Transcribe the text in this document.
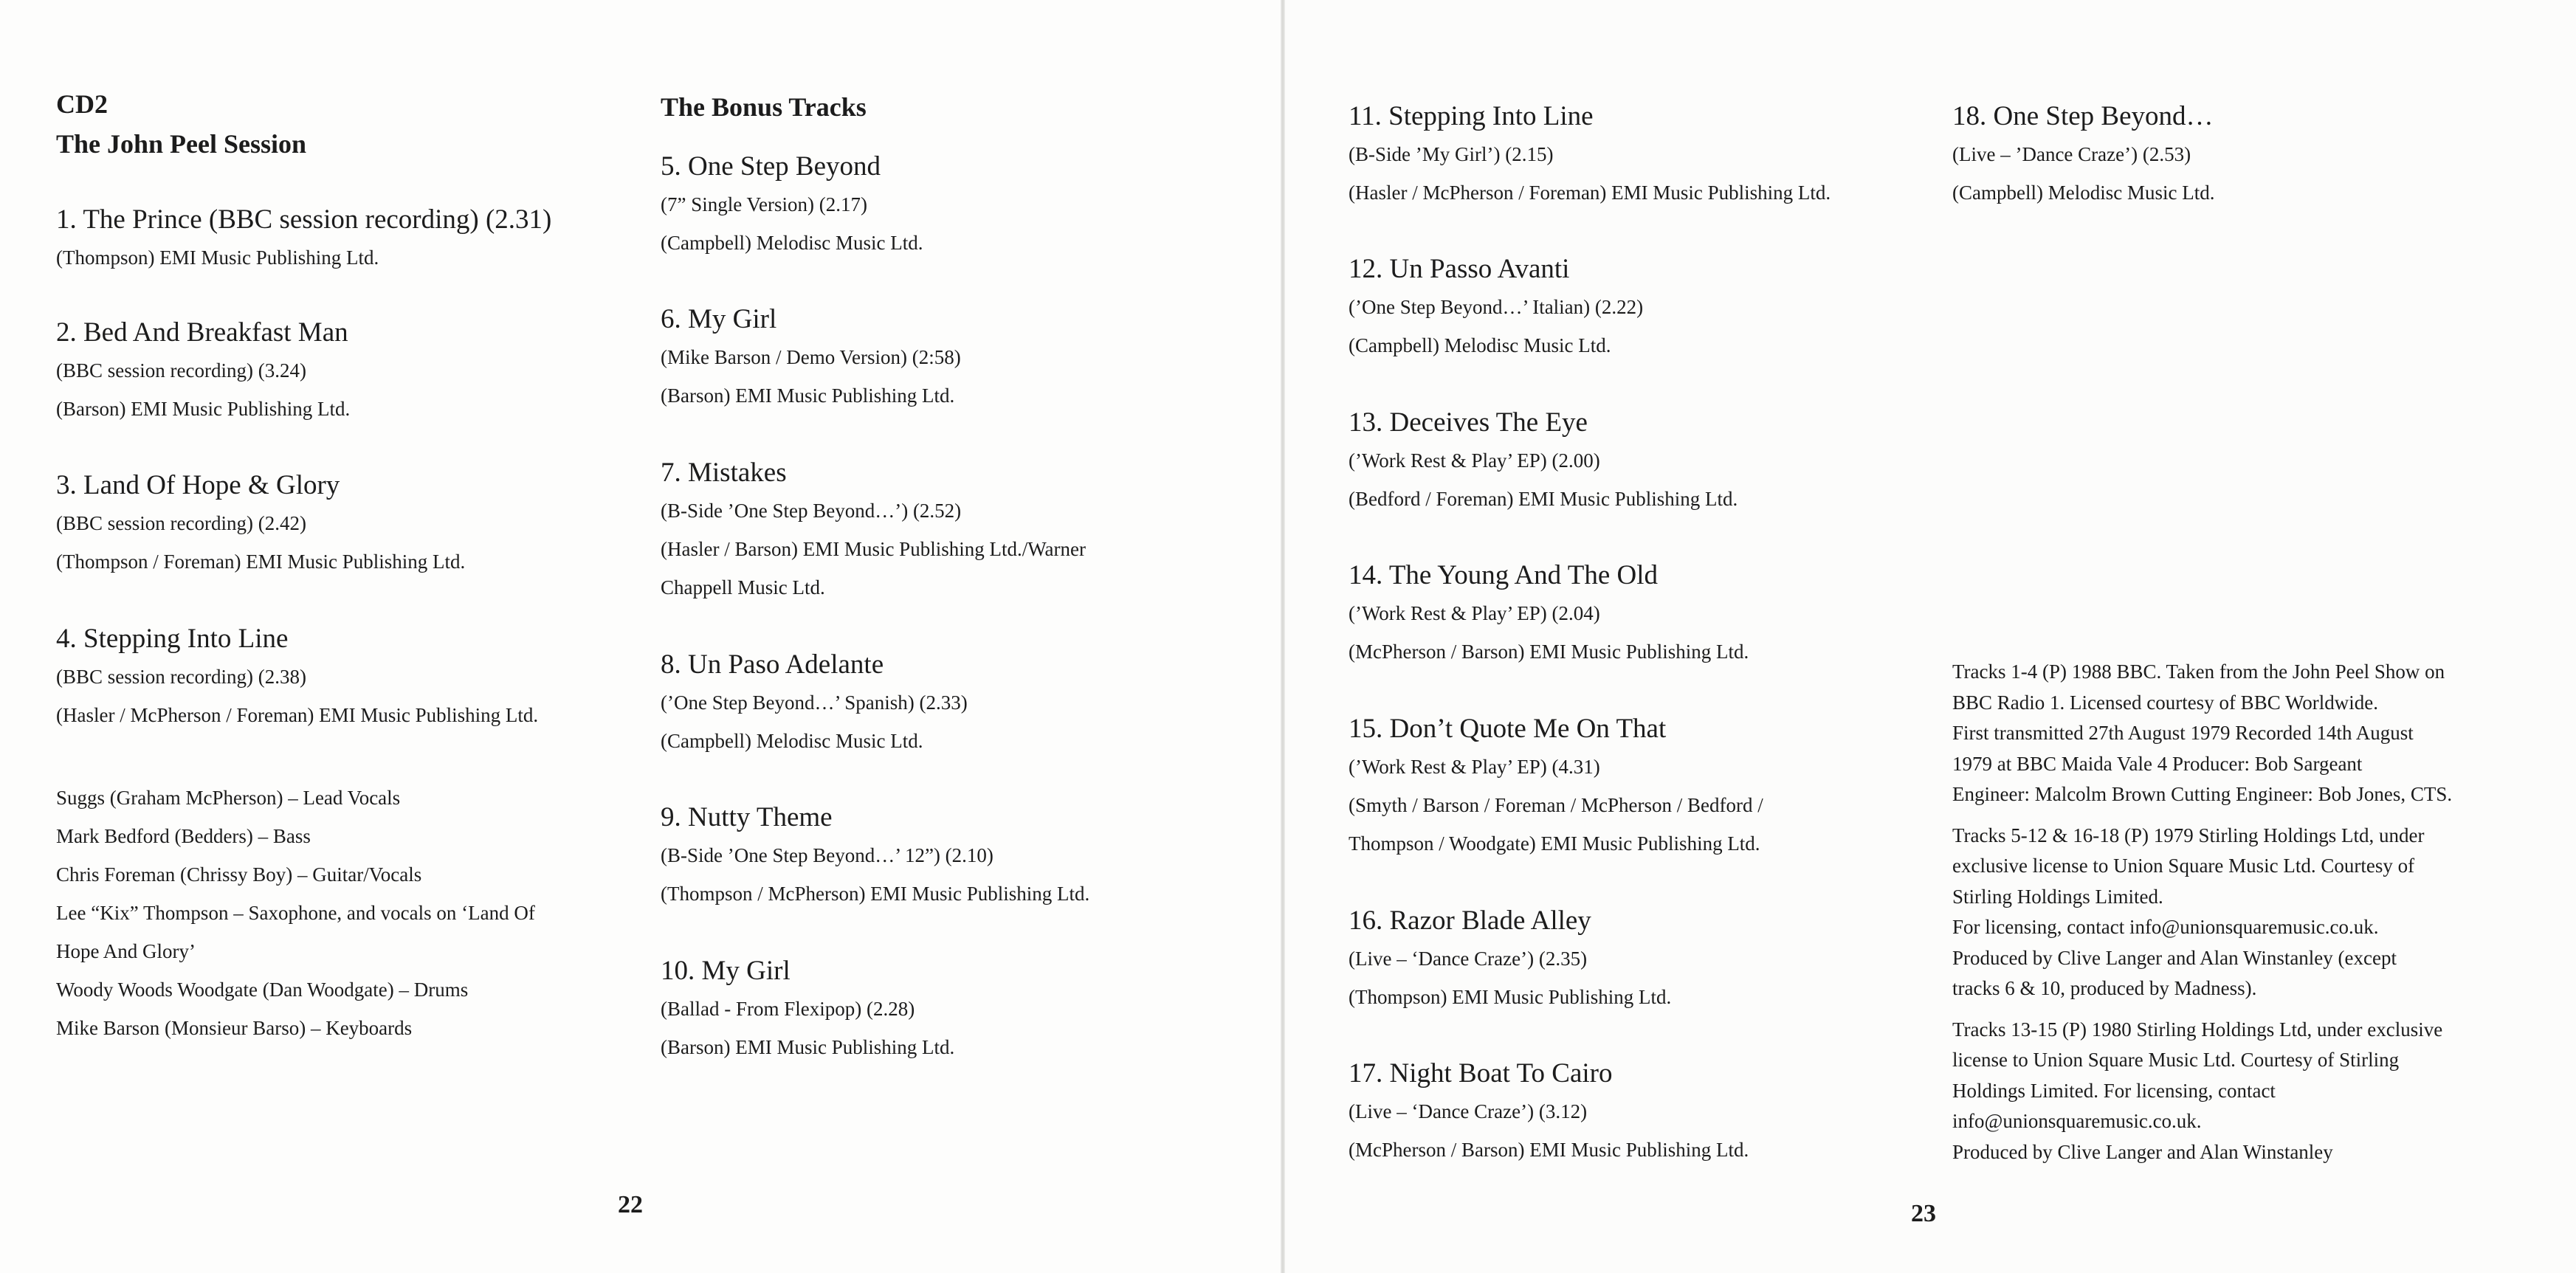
CD2
The John Peel Session
1. The Prince (BBC session recording) (2.31)
(Thompson) EMI Music Publishing Ltd.
2. Bed And Breakfast Man
(BBC session recording) (3.24)
(Barson) EMI Music Publishing Ltd.
3. Land Of Hope & Glory
(BBC session recording) (2.42)
(Thompson / Foreman) EMI Music Publishing Ltd.
4. Stepping Into Line
(BBC session recording) (2.38)
(Hasler / McPherson / Foreman) EMI Music Publishing Ltd.
Suggs (Graham McPherson) – Lead Vocals
Mark Bedford (Bedders) – Bass
Chris Foreman (Chrissy Boy) – Guitar/Vocals
Lee “Kix” Thompson – Saxophone, and vocals on ‘Land Of
Hope And Glory’
Woody Woods Woodgate (Dan Woodgate) – Drums
Mike Barson (Monsieur Barso) – Keyboards
The Bonus Tracks
5. One Step Beyond
(7” Single Version) (2.17)
(Campbell) Melodisc Music Ltd.
6. My Girl
(Mike Barson / Demo Version) (2:58)
(Barson) EMI Music Publishing Ltd.
7. Mistakes
(B-Side ’One Step Beyond…’) (2.52)
(Hasler / Barson) EMI Music Publishing Ltd./Warner
Chappell Music Ltd.
8. Un Paso Adelante
(’One Step Beyond…’ Spanish) (2.33)
(Campbell) Melodisc Music Ltd.
9. Nutty Theme
(B-Side ’One Step Beyond…’ 12”) (2.10)
(Thompson / McPherson) EMI Music Publishing Ltd.
10. My Girl
(Ballad - From Flexipop) (2.28)
(Barson) EMI Music Publishing Ltd.
22
11. Stepping Into Line
(B-Side ’My Girl’) (2.15)
(Hasler / McPherson / Foreman) EMI Music Publishing Ltd.
12. Un Passo Avanti
(’One Step Beyond…’ Italian) (2.22)
(Campbell) Melodisc Music Ltd.
13. Deceives The Eye
(’Work Rest & Play’ EP) (2.00)
(Bedford / Foreman) EMI Music Publishing Ltd.
14. The Young And The Old
(’Work Rest & Play’ EP) (2.04)
(McPherson / Barson) EMI Music Publishing Ltd.
15. Don’t Quote Me On That
(’Work Rest & Play’ EP) (4.31)
(Smyth / Barson / Foreman / McPherson / Bedford /
Thompson / Woodgate) EMI Music Publishing Ltd.
16. Razor Blade Alley
(Live – ‘Dance Craze’) (2.35)
(Thompson) EMI Music Publishing Ltd.
17. Night Boat To Cairo
(Live – ‘Dance Craze’) (3.12)
(McPherson / Barson) EMI Music Publishing Ltd.
18. One Step Beyond…
(Live – ’Dance Craze’) (2.53)
(Campbell) Melodisc Music Ltd.
Tracks 1-4 (P) 1988 BBC. Taken from the John Peel Show on
BBC Radio 1. Licensed courtesy of BBC Worldwide.
First transmitted 27th August 1979 Recorded 14th August
1979 at BBC Maida Vale 4 Producer: Bob Sargeant
Engineer: Malcolm Brown Cutting Engineer: Bob Jones, CTS.
Tracks 5-12 & 16-18 (P) 1979 Stirling Holdings Ltd, under
exclusive license to Union Square Music Ltd. Courtesy of
Stirling Holdings Limited.
For licensing, contact info@unionsquaremusic.co.uk.
Produced by Clive Langer and Alan Winstanley (except
tracks 6 & 10, produced by Madness).
Tracks 13-15 (P) 1980 Stirling Holdings Ltd, under exclusive
license to Union Square Music Ltd. Courtesy of Stirling
Holdings Limited. For licensing, contact
info@unionsquaremusic.co.uk.
Produced by Clive Langer and Alan Winstanley
23
